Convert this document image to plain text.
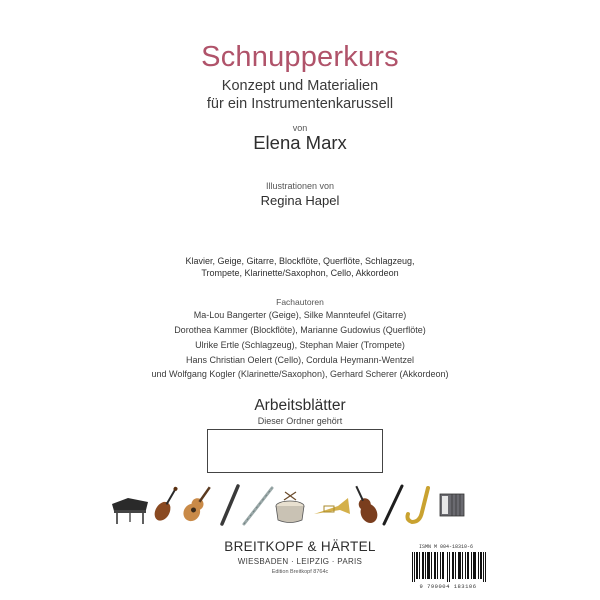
Schnupperkurs
Konzept und Materialien
für ein Instrumentenkarussell
von
Elena Marx
Illustrationen von
Regina Hapel
Klavier, Geige, Gitarre, Blockflöte, Querflöte, Schlagzeug,
Trompete, Klarinette/Saxophon, Cello, Akkordeon
Fachautoren
Ma-Lou Bangerter (Geige), Silke Mannteufel (Gitarre)
Dorothea Kammer (Blockflöte), Marianne Gudowius (Querflöte)
Ulrike Ertle (Schlagzeug), Stephan Maier (Trompete)
Hans Christian Oelert (Cello), Cordula Heymann-Wentzel
und Wolfgang Kogler (Klarinette/Saxophon), Gerhard Scherer (Akkordeon)
Arbeitsblätter
Dieser Ordner gehört
BREITKOPF & HÄRTEL
WIESBADEN · LEIPZIG · PARIS
Edition Breitkopf 8764c
ISMN M 004-18310-6
9 790004 183106
